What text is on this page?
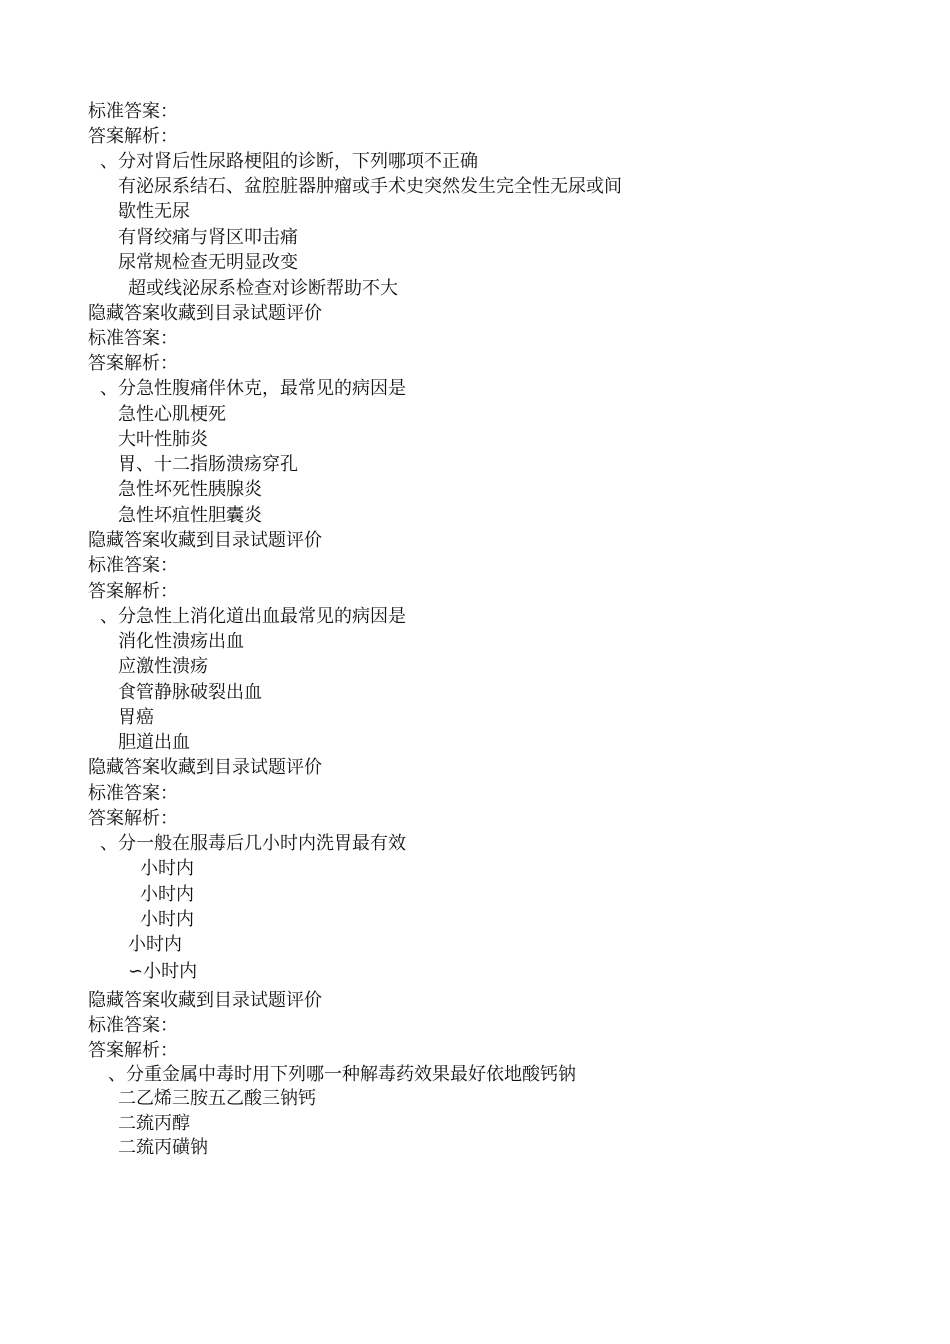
标准答案：
答案解析：
、分对肾后性尿路梗阻的诊断，下列哪项不正确
有泌尿系结石、盆腔脏器肿瘤或手术史突然发生完全性无尿或间
歇性无尿
有肾绞痛与肾区叩击痛
尿常规检查无明显改变
超或线泌尿系检查对诊断帮助不大
隐藏答案收藏到目录试题评价
标准答案：
答案解析：
、分急性腹痛伴休克，最常见的病因是
急性心肌梗死
大叶性肺炎
胃、十二指肠溃疡穿孔
急性坏死性胰腺炎
急性坏疽性胆囊炎
隐藏答案收藏到目录试题评价
标准答案：
答案解析：
、分急性上消化道出血最常见的病因是
消化性溃疡出血
应激性溃疡
食管静脉破裂出血
胃癌
胆道出血
隐藏答案收藏到目录试题评价
标准答案：
答案解析：
、分一般在服毒后几小时内洗胃最有效
小时内
小时内
小时内
小时内
∽小时内
隐藏答案收藏到目录试题评价
标准答案：
答案解析：
、分重金属中毒时用下列哪一种解毒药效果最好依地酸钙钠
二乙烯三胺五乙酸三钠钙
二巯丙醇
二巯丙磺钠
